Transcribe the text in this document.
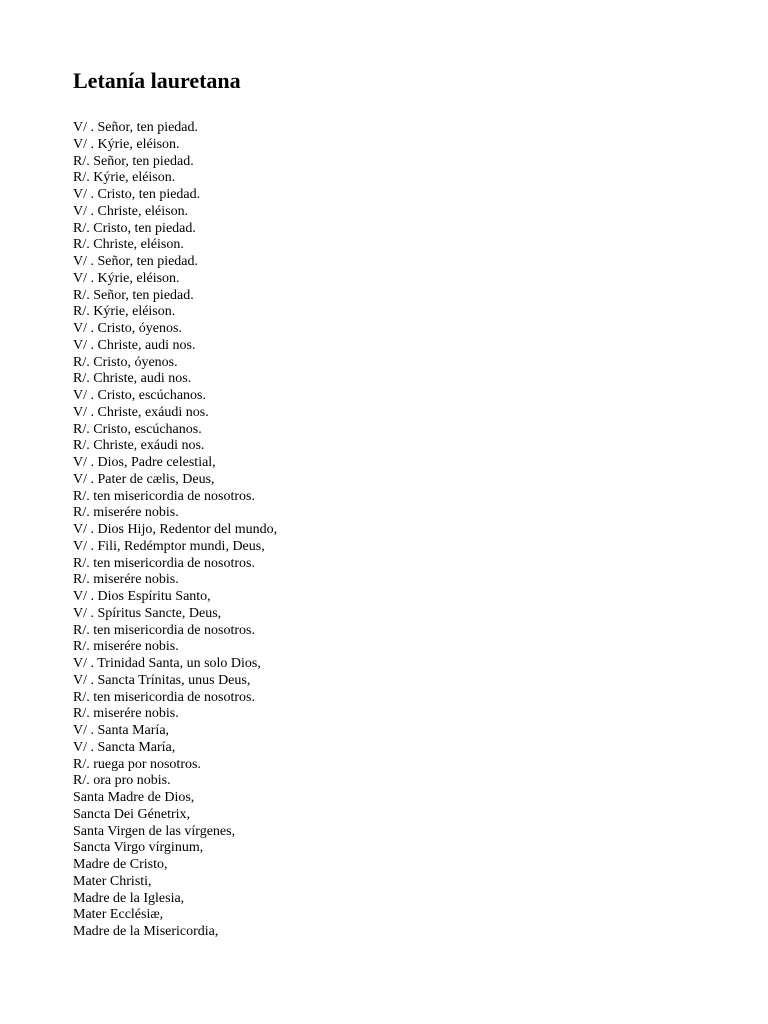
Letanía lauretana
V/ . Señor, ten piedad.
V/ . Kýrie, eléison.
R/. Señor, ten piedad.
R/. Kýrie, eléison.
V/ . Cristo, ten piedad.
V/ . Christe, eléison.
R/. Cristo, ten piedad.
R/. Christe, eléison.
V/ . Señor, ten piedad.
V/ . Kýrie, eléison.
R/. Señor, ten piedad.
R/. Kýrie, eléison.
V/ . Cristo, óyenos.
V/ . Christe, audi nos.
R/. Cristo, óyenos.
R/. Christe, audi nos.
V/ . Cristo, escúchanos.
V/ . Christe, exáudi nos.
R/. Cristo, escúchanos.
R/. Christe, exáudi nos.
V/ . Dios, Padre celestial,
V/ . Pater de cælis, Deus,
R/. ten misericordia de nosotros.
R/. miserére nobis.
V/ . Dios Hijo, Redentor del mundo,
V/ . Fili, Redémptor mundi, Deus,
R/. ten misericordia de nosotros.
R/. miserére nobis.
V/ . Dios Espíritu Santo,
V/ . Spíritus Sancte, Deus,
R/. ten misericordia de nosotros.
R/. miserére nobis.
V/ . Trinidad Santa, un solo Dios,
V/ . Sancta Trínitas, unus Deus,
R/. ten misericordia de nosotros.
R/. miserére nobis.
V/ . Santa María,
V/ . Sancta María,
R/. ruega por nosotros.
R/. ora pro nobis.
Santa Madre de Dios,
Sancta Dei Génetrix,
Santa Virgen de las vírgenes,
Sancta Virgo vírginum,
Madre de Cristo,
Mater Christi,
Madre de la Iglesia,
Mater Ecclésiæ,
Madre de la Misericordia,
